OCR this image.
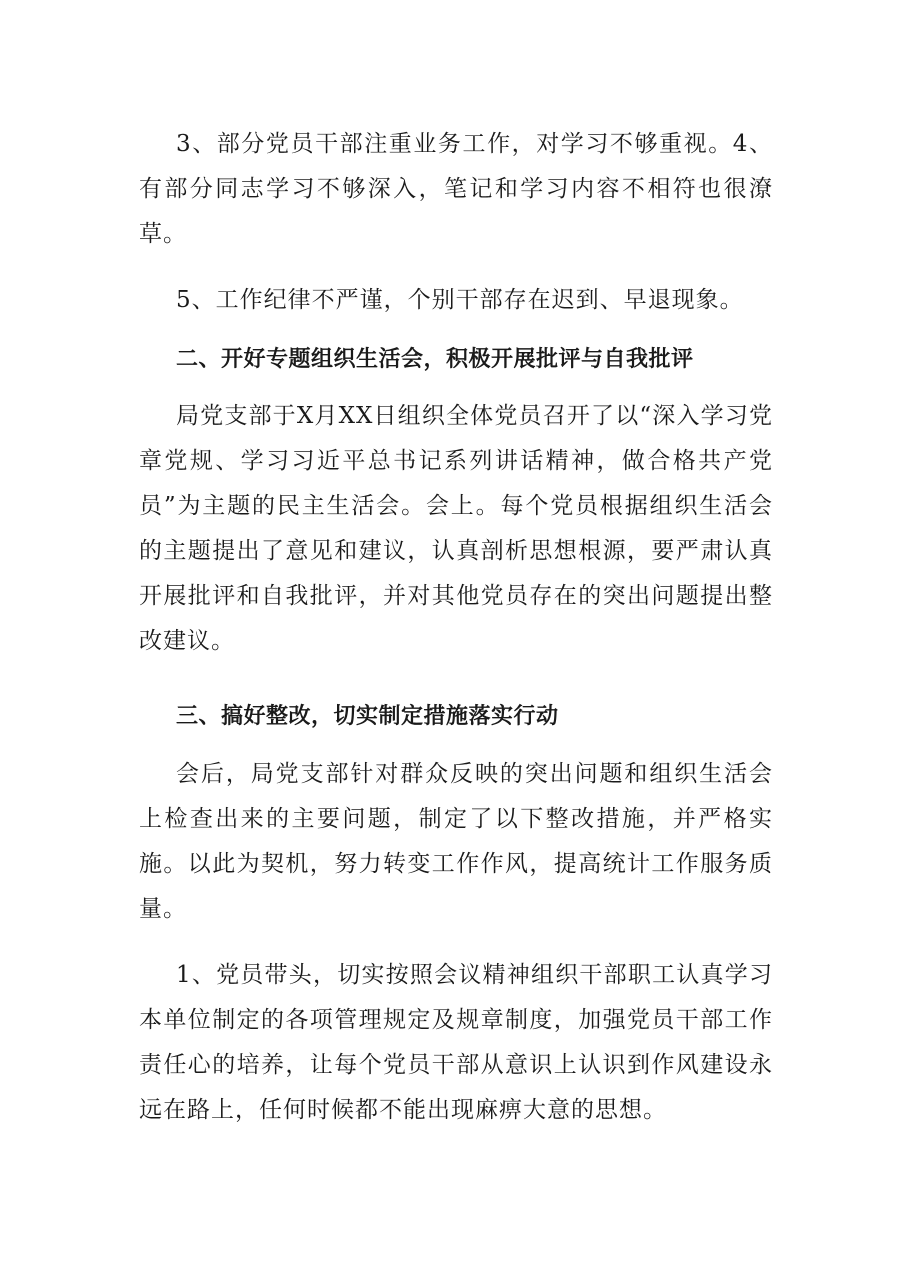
3、部分党员干部注重业务工作，对学习不够重视。4、有部分同志学习不够深入，笔记和学习内容不相符也很潦草。

5、工作纪律不严谨，个别干部存在迟到、早退现象。

二、开好专题组织生活会，积极开展批评与自我批评

局党支部于X月XX日组织全体党员召开了以“深入学习党章党规、学习习近平总书记系列讲话精神，做合格共产党员”为主题的民主生活会。会上。每个党员根据组织生活会的主题提出了意见和建议，认真剖析思想根源，要严肃认真开展批评和自我批评，并对其他党员存在的突出问题提出整改建议。

三、搞好整改，切实制定措施落实行动

会后，局党支部针对群众反映的突出问题和组织生活会上检查出来的主要问题，制定了以下整改措施，并严格实施。以此为契机，努力转变工作作风，提高统计工作服务质量。

1、党员带头，切实按照会议精神组织干部职工认真学习本单位制定的各项管理规定及规章制度，加强党员干部工作责任心的培养，让每个党员干部从意识上认识到作风建设永远在路上，任何时候都不能出现麻痹大意的思想。
